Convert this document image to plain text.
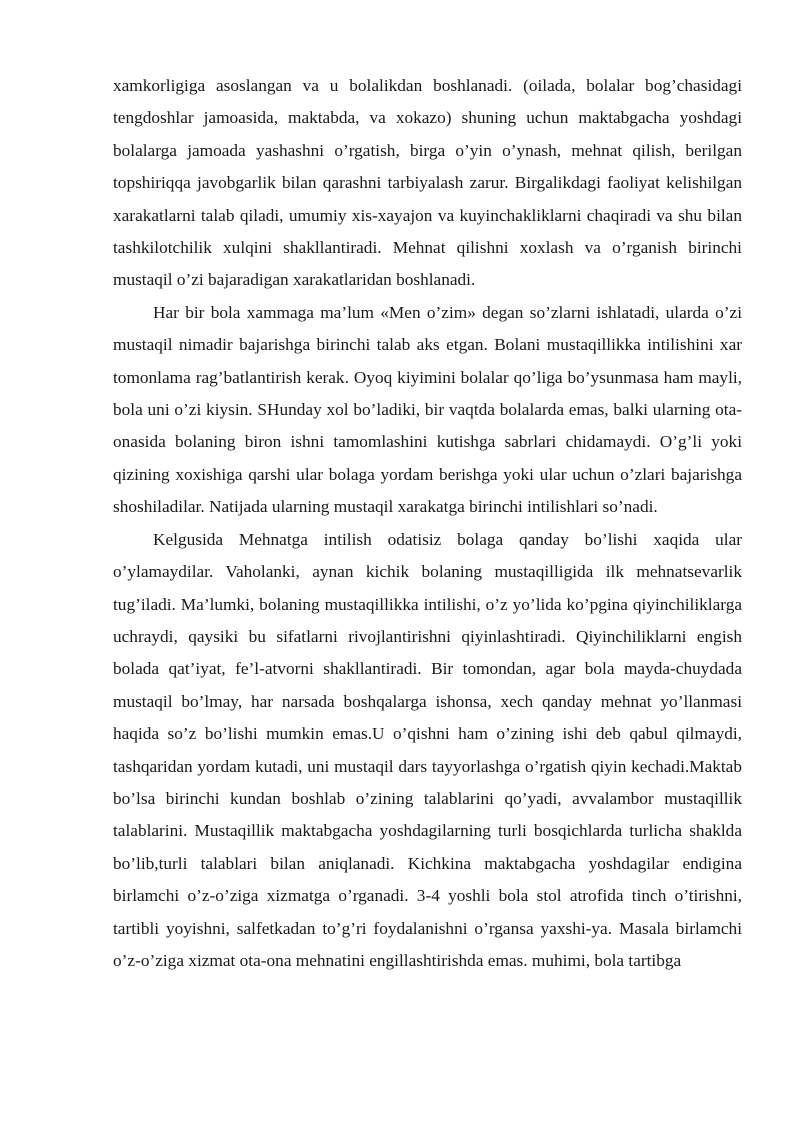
xamkorligiga asoslangan va u bolalikdan boshlanadi. (oilada, bolalar bog’chasidagi tengdoshlar jamoasida, maktabda, va xokazo) shuning uchun maktabgacha yoshdagi bolalarga jamoada yashashni o’rgatish, birga o’yin o’ynash, mehnat qilish, berilgan topshiriqqa javobgarlik bilan qarashni tarbiyalash zarur. Birgalikdagi faoliyat kelishilgan xarakatlarni talab qiladi, umumiy xis-xayajon va kuyinchakliklarni chaqiradi va shu bilan tashkilotchilik xulqini shakllantiradi. Mehnat qilishni xoxlash va o’rganish birinchi mustaqil o’zi bajaradigan xarakatlaridan boshlanadi.

Har bir bola xammaga ma’lum «Men o’zim» degan so’zlarni ishlatadi, ularda o’zi mustaqil nimadir bajarishga birinchi talab aks etgan. Bolani mustaqillikka intilishini xar tomonlama rag’batlantirish kerak. Oyoq kiyimini bolalar qo’liga bo’ysunmasa ham mayli, bola uni o’zi kiysin. SHunday xol bo’ladiki, bir vaqtda bolalarda emas, balki ularning ota-onasida bolaning biron ishni tamomlashini kutishga sabrlari chidamaydi. O’g’li yoki qizining xoxishiga qarshi ular bolaga yordam berishga yoki ular uchun o’zlari bajarishga shoshiladilar. Natijada ularning mustaqil xarakatga birinchi intilishlari so’nadi.

Kelgusida Mehnatga intilish odatisiz bolaga qanday bo’lishi xaqida ular o’ylamaydilar. Vaholanki, aynan kichik bolaning mustaqilligida ilk mehnatsevarlik tug’iladi. Ma’lumki, bolaning mustaqillikka intilishi, o’z yo’lida ko’pgina qiyinchiliklarga uchraydi, qaysiki bu sifatlarni rivojlantirishni qiyinlashtiradi. Qiyinchiliklarni engish bolada qat’iyat, fe’l-atvorni shakllantiradi. Bir tomondan, agar bola mayda-chuydada mustaqil bo’lmay, har narsada boshqalarga ishonsa, xech qanday mehnat yo’llanmasi haqida so’z bo’lishi mumkin emas.U o’qishni ham o’zining ishi deb qabul qilmaydi, tashqaridan yordam kutadi, uni mustaqil dars tayyorlashga o’rgatish qiyin kechadi.Maktab bo’lsa birinchi kundan boshlab o’zining talablarini qo’yadi, avvalambor mustaqillik talablarini. Mustaqillik maktabgacha yoshdagilarning turli bosqichlarda turlicha shaklda bo’lib,turli talablari bilan aniqlanadi. Kichkina maktabgacha yoshdagilar endigina birlamchi o’z-o’ziga xizmatga o’rganadi. 3-4 yoshli bola stol atrofida tinch o’tirishni, tartibli yoyishni, salfetkadan to’g’ri foydalanishni o’rgansa yaxshi-ya. Masala birlamchi o’z-o’ziga xizmat ota-ona mehnatini engillashtirishda emas. muhimi, bola tartibga
